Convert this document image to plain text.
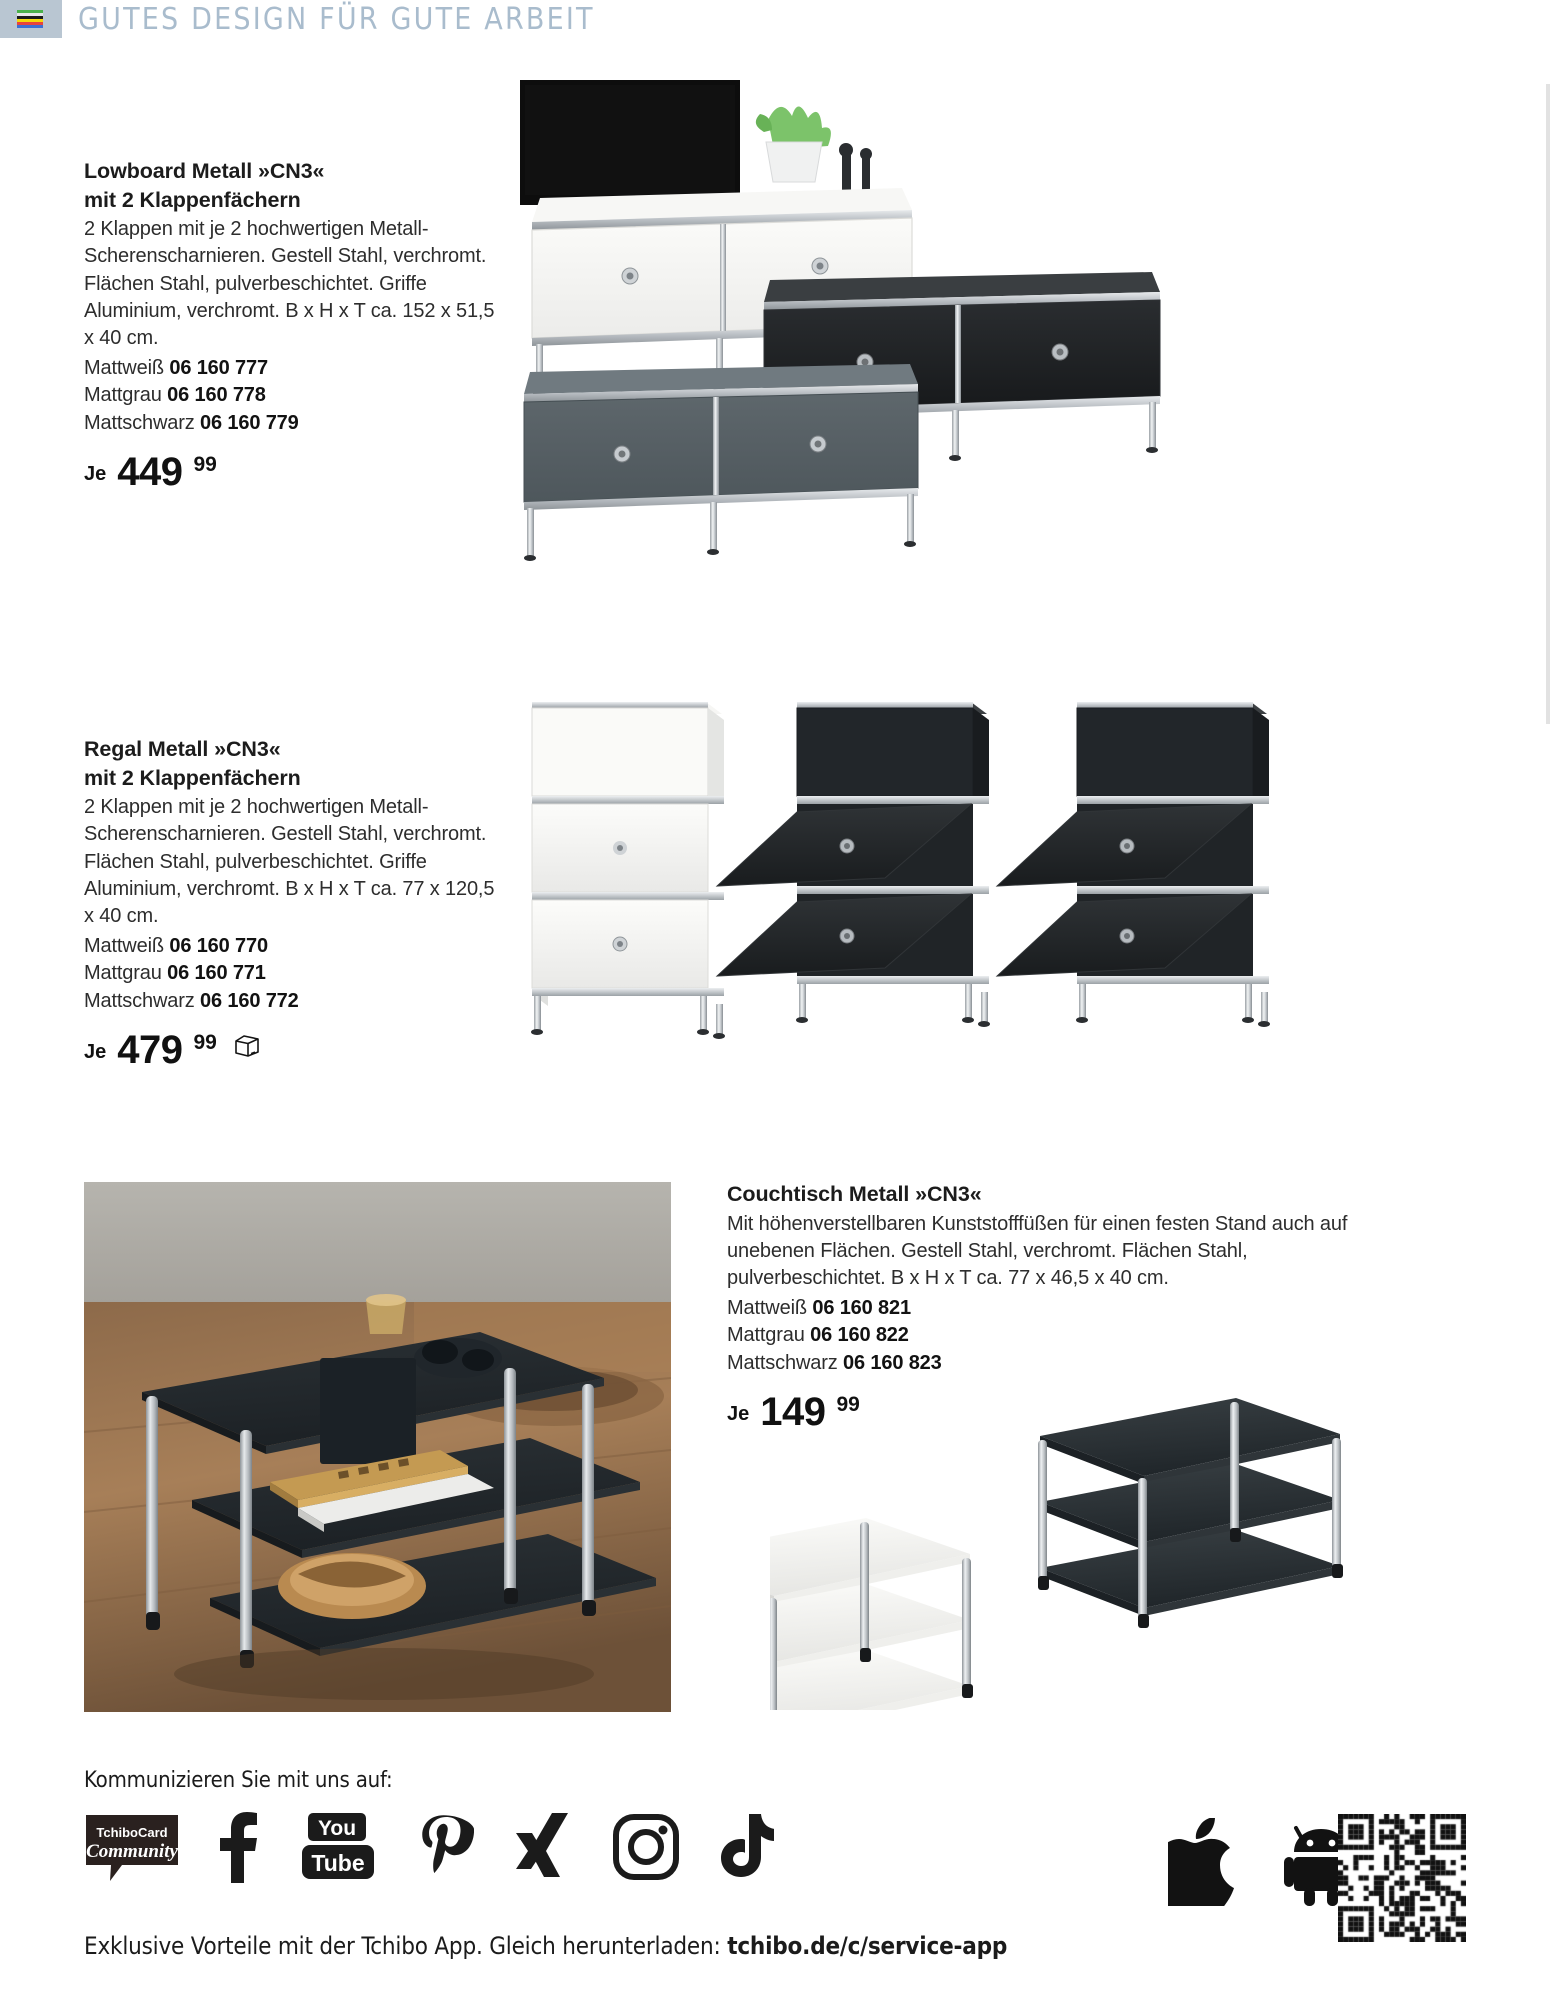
GUTES DESIGN FÜR GUTE ARBEIT
Lowboard Metall »CN3«
mit 2 Klappenfächern
2 Klappen mit je 2 hochwertigen Metall-Scherenscharnieren. Gestell Stahl, verchromt. Flächen Stahl, pulverbeschichtet. Griffe Aluminium, verchromt. B x H x T ca. 152 x 51,5 x 40 cm.
Mattweiß 06 160 777
Mattgrau 06 160 778
Mattschwarz 06 160 779
Je 449 99
Regal Metall »CN3«
mit 2 Klappenfächern
2 Klappen mit je 2 hochwertigen Metall-Scherenscharnieren. Gestell Stahl, verchromt. Flächen Stahl, pulverbeschichtet. Griffe Aluminium, verchromt. B x H x T ca. 77 x 120,5 x 40 cm.
Mattweiß 06 160 770
Mattgrau 06 160 771
Mattschwarz 06 160 772
Je 479 99
Couchtisch Metall »CN3«
Mit höhenverstellbaren Kunststofffüßen für einen festen Stand auch auf unebenen Flächen. Gestell Stahl, verchromt. Flächen Stahl, pulverbeschichtet. B x H x T ca. 77 x 46,5 x 40 cm.
Mattweiß 06 160 821
Mattgrau 06 160 822
Mattschwarz 06 160 823
Je 149 99
Kommunizieren Sie mit uns auf:
TchiboCard
Community
You
Tube
Exklusive Vorteile mit der Tchibo App. Gleich herunterladen: tchibo.de/c/service-app
